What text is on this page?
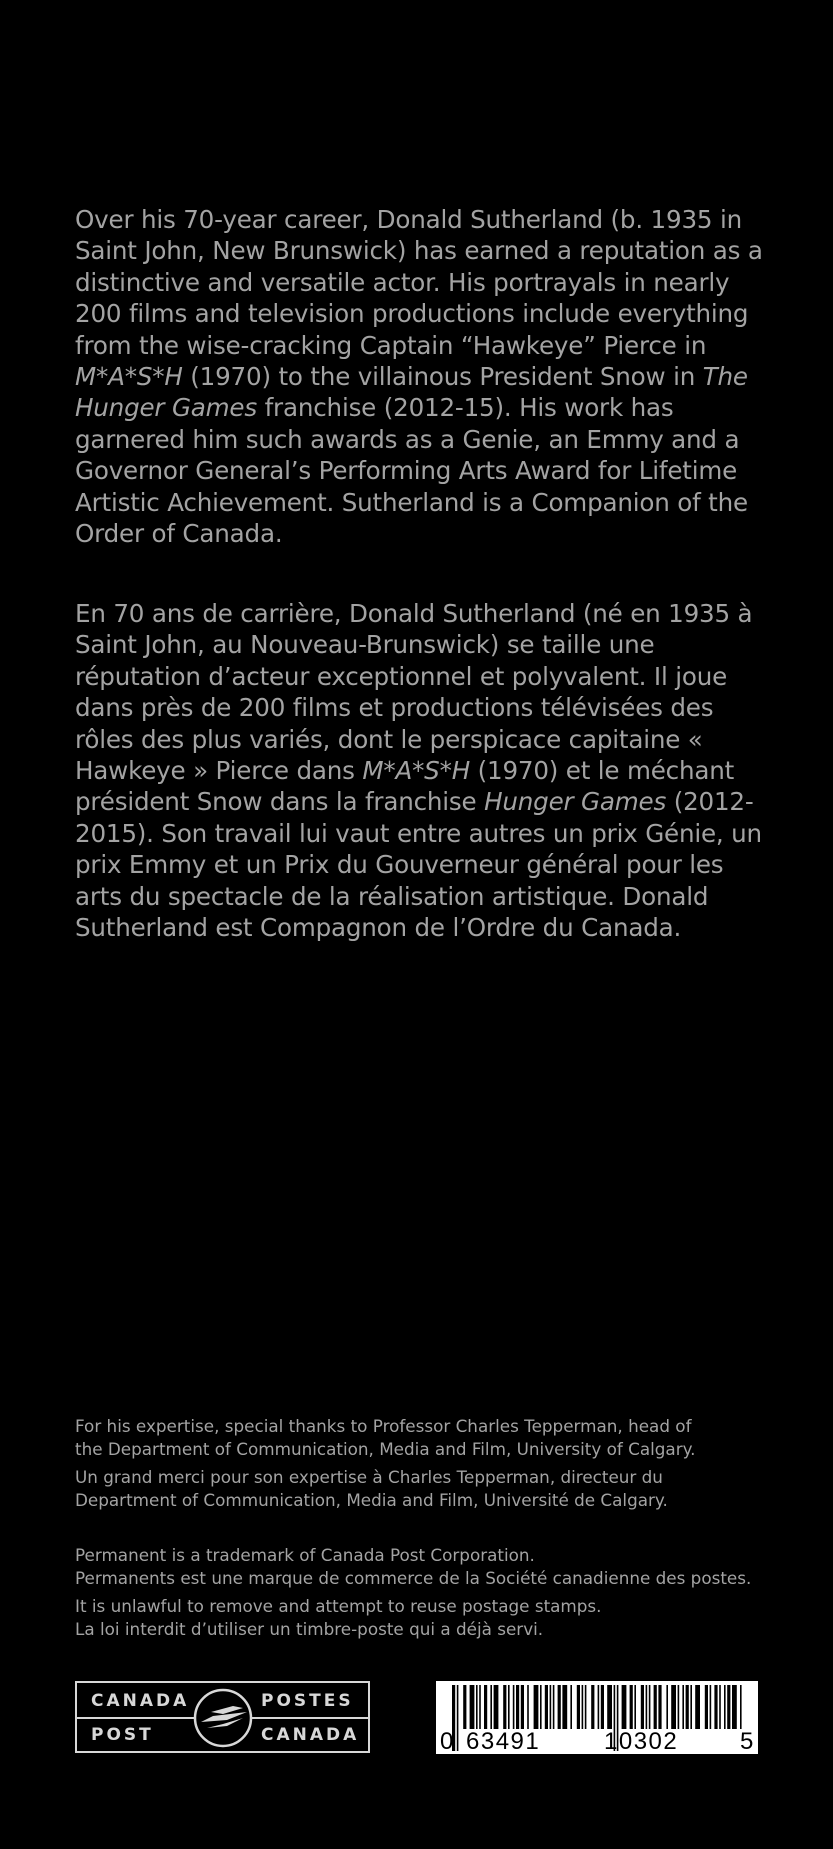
Over his 70-year career, Donald Sutherland (b. 1935 in Saint John, New Brunswick) has earned a reputation as a distinctive and versatile actor. His portrayals in nearly 200 films and television productions include everything from the wise-cracking Captain “Hawkeye” Pierce in M*A*S*H (1970) to the villainous President Snow in The Hunger Games franchise (2012-15). His work has garnered him such awards as a Genie, an Emmy and a Governor General’s Performing Arts Award for Lifetime Artistic Achievement. Sutherland is a Companion of the Order of Canada.

En 70 ans de carrière, Donald Sutherland (né en 1935 à Saint John, au Nouveau-Brunswick) se taille une réputation d’acteur exceptionnel et polyvalent. Il joue dans près de 200 films et productions télévisées des rôles des plus variés, dont le perspicace capitaine « Hawkeye » Pierce dans M*A*S*H (1970) et le méchant président Snow dans la franchise Hunger Games (2012-2015). Son travail lui vaut entre autres un prix Génie, un prix Emmy et un Prix du Gouverneur général pour les arts du spectacle de la réalisation artistique. Donald Sutherland est Compagnon de l’Ordre du Canada.

For his expertise, special thanks to Professor Charles Tepperman, head of

the Department of Communication, Media and Film, University of Calgary.

Un grand merci pour son expertise à Charles Tepperman, directeur du

Department of Communication, Media and Film, Université de Calgary.

Permanent is a trademark of Canada Post Corporation.

Permanents est une marque de commerce de la Société canadienne des postes.

It is unlawful to remove and attempt to reuse postage stamps.

La loi interdit d’utiliser un timbre-poste qui a déjà servi.

CANADA
POST
POSTES
CANADA	0 63491	10302	5
